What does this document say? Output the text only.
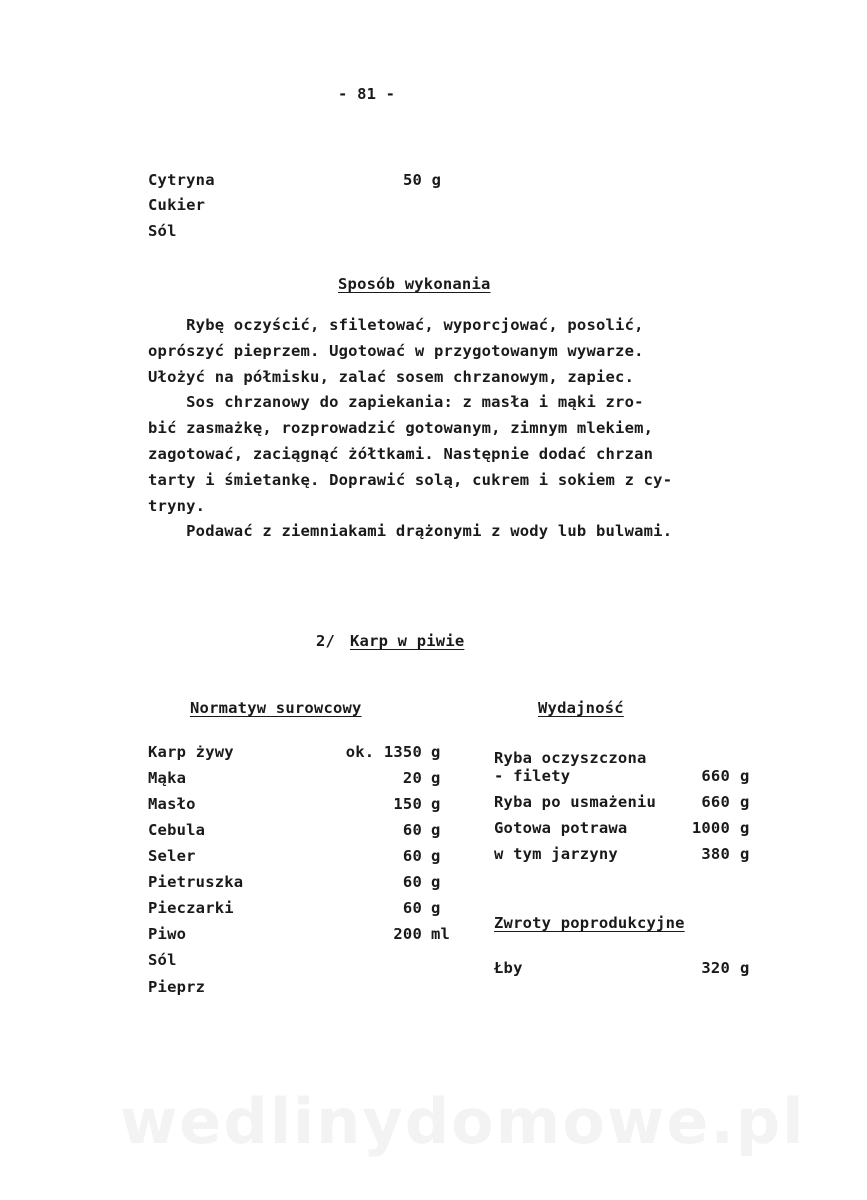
- 81 -
Cytryna	50 g
Cukier
Sól
Sposób wykonania
Rybę oczyścić, sfiletować, wyporcjować, posolić,
oprószyć pieprzem. Ugotować w przygotowanym wywarze.
Ułożyć na półmisku, zalać sosem chrzanowym, zapiec.
Sos chrzanowy do zapiekania: z masła i mąki zro-
bić zasmażkę, rozprowadzić gotowanym, zimnym mlekiem,
zagotować, zaciągnąć żółtkami. Następnie dodać chrzan
tarty i śmietankę. Doprawić solą, cukrem i sokiem z cy-
tryny.
Podawać z ziemniakami drążonymi z wody lub bulwami.
2/ Karp w piwie
Normatyw surowcowy
Karp żywy	ok. 1350 g
Mąka	20 g
Masło	150 g
Cebula	60 g
Seler	60 g
Pietruszka	60 g
Pieczarki	60 g
Piwo	200 ml
Sól
Pieprz
Wydajność
Ryba oczyszczona
- filety	660 g
Ryba po usmażeniu	660 g
Gotowa potrawa	1000 g
w tym jarzyny	380 g
Zwroty poprodukcyjne
Łby	320 g
wedlinydomowe.pl
